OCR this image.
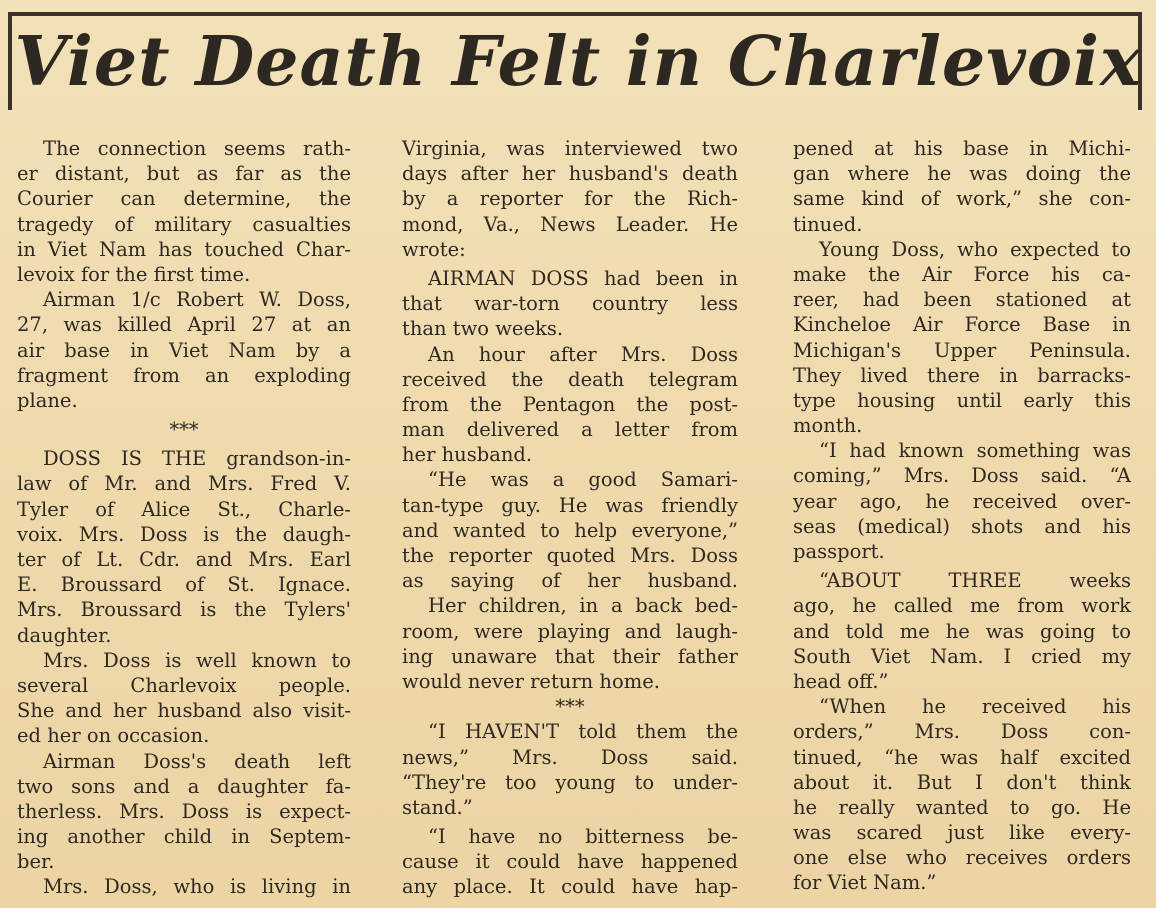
Viet Death Felt in Charlevoix
The connection seems rath-
er distant, but as far as the
Courier can determine, the
tragedy of military casualties
in Viet Nam has touched Char-
levoix for the first time.
Airman 1/c Robert W. Doss,
27, was killed April 27 at an
air base in Viet Nam by a
fragment from an exploding
plane.
***
DOSS IS THE grandson-in-
law of Mr. and Mrs. Fred V.
Tyler of Alice St., Charle-
voix. Mrs. Doss is the daugh-
ter of Lt. Cdr. and Mrs. Earl
E. Broussard of St. Ignace.
Mrs. Broussard is the Tylers'
daughter.
Mrs. Doss is well known to
several Charlevoix people.
She and her husband also visit-
ed her on occasion.
Airman Doss's death left
two sons and a daughter fa-
therless. Mrs. Doss is expect-
ing another child in Septem-
ber.
Mrs. Doss, who is living in
Virginia, was interviewed two
days after her husband's death
by a reporter for the Rich-
mond, Va., News Leader. He
wrote:
AIRMAN DOSS had been in
that war-torn country less
than two weeks.
An hour after Mrs. Doss
received the death telegram
from the Pentagon the post-
man delivered a letter from
her husband.
“He was a good Samari-
tan-type guy. He was friendly
and wanted to help everyone,”
the reporter quoted Mrs. Doss
as saying of her husband.
Her children, in a back bed-
room, were playing and laugh-
ing unaware that their father
would never return home.
***
“I HAVEN'T told them the
news,” Mrs. Doss said.
“They're too young to under-
stand.”
“I have no bitterness be-
cause it could have happened
any place. It could have hap-
pened at his base in Michi-
gan where he was doing the
same kind of work,” she con-
tinued.
Young Doss, who expected to
make the Air Force his ca-
reer, had been stationed at
Kincheloe Air Force Base in
Michigan's Upper Peninsula.
They lived there in barracks-
type housing until early this
month.
“I had known something was
coming,” Mrs. Doss said. “A
year ago, he received over-
seas (medical) shots and his
passport.
“ABOUT THREE weeks
ago, he called me from work
and told me he was going to
South Viet Nam. I cried my
head off.”
“When he received his
orders,” Mrs. Doss con-
tinued, “he was half excited
about it. But I don't think
he really wanted to go. He
was scared just like every-
one else who receives orders
for Viet Nam.”
